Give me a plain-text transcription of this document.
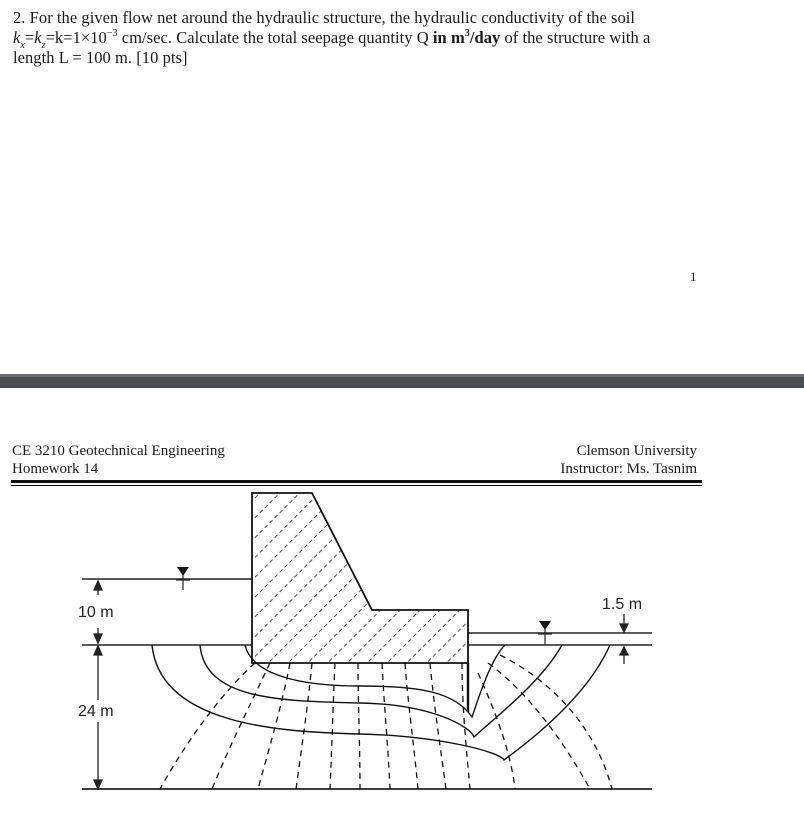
2. For the given flow net around the hydraulic structure, the hydraulic conductivity of the soil
$k_x=k_z=k=1\times 10^{-3}$ cm/sec. Calculate the total seepage quantity Q in $m^3$/day of the structure with a
length L = 100 m. [10 pts]
1
CE 3210 Geotechnical Engineering
Homework 14
Clemson University
Instructor: Ms. Tasnim
10 m
24 m
1.5 m
